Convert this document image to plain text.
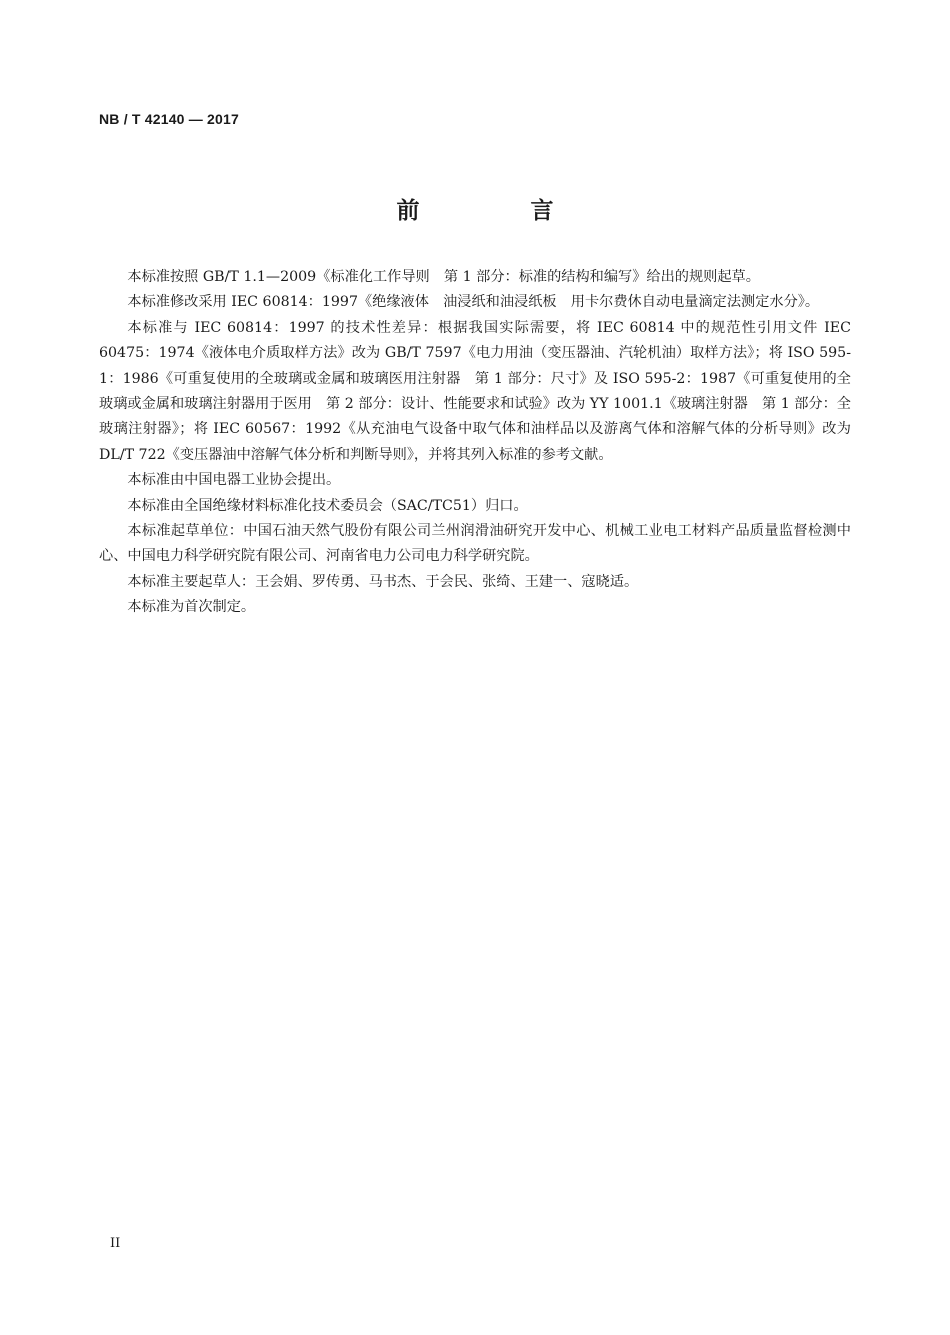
NB / T 42140 — 2017
前　言

本标准按照 GB/T 1.1—2009《标准化工作导则　第 1 部分：标准的结构和编写》给出的规则起草。

本标准修改采用 IEC 60814：1997《绝缘液体　油浸纸和油浸纸板　用卡尔费休自动电量滴定法测定水分》。

本标准与 IEC 60814：1997 的技术性差异：根据我国实际需要，将 IEC 60814 中的规范性引用文件 IEC 60475：1974《液体电介质取样方法》改为 GB/T 7597《电力用油（变压器油、汽轮机油）取样方法》；将 ISO 595-1：1986《可重复使用的全玻璃或金属和玻璃医用注射器　第 1 部分：尺寸》及 ISO 595-2：1987《可重复使用的全玻璃或金属和玻璃注射器用于医用　第 2 部分：设计、性能要求和试验》改为 YY 1001.1《玻璃注射器　第 1 部分：全玻璃注射器》；将 IEC 60567：1992《从充油电气设备中取气体和油样品以及游离气体和溶解气体的分析导则》改为 DL/T 722《变压器油中溶解气体分析和判断导则》，并将其列入标准的参考文献。

本标准由中国电器工业协会提出。

本标准由全国绝缘材料标准化技术委员会（SAC/TC51）归口。

本标准起草单位：中国石油天然气股份有限公司兰州润滑油研究开发中心、机械工业电工材料产品质量监督检测中心、中国电力科学研究院有限公司、河南省电力公司电力科学研究院。

本标准主要起草人：王会娟、罗传勇、马书杰、于会民、张绮、王建一、寇晓适。

本标准为首次制定。

II
